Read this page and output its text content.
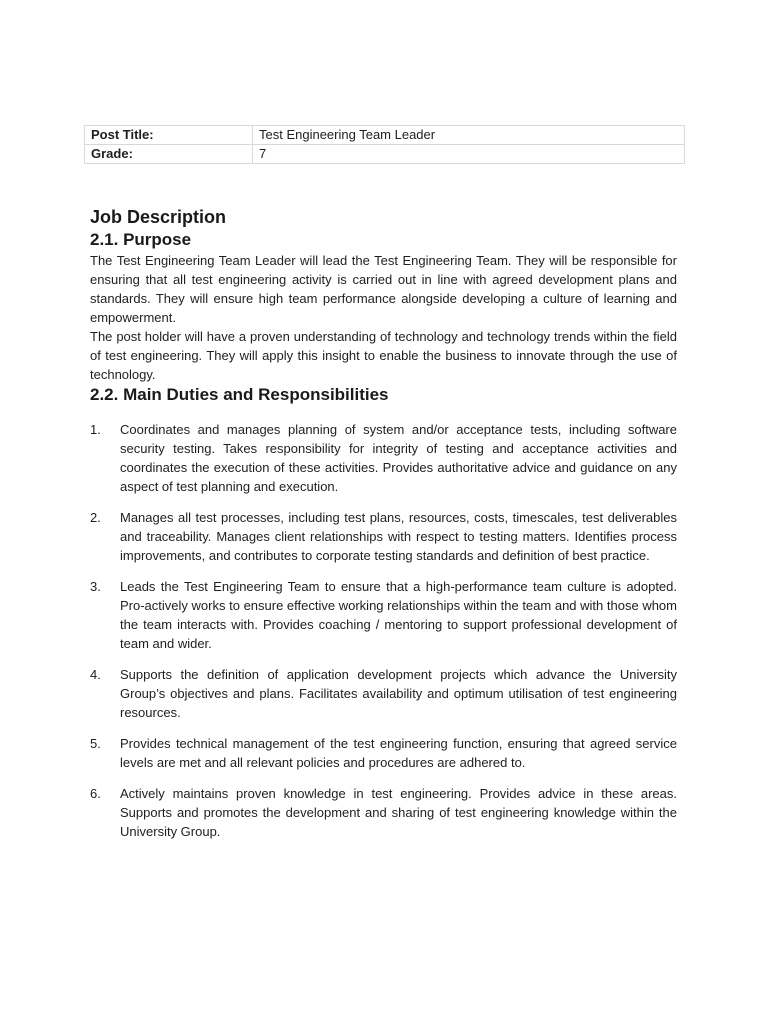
Post Title:	Test Engineering Team Leader
Grade:	7
Job Description
2.1. Purpose

The Test Engineering Team Leader will lead the Test Engineering Team. They will be responsible for ensuring that all test engineering activity is carried out in line with agreed development plans and standards. They will ensure high team performance alongside developing a culture of learning and empowerment.

The post holder will have a proven understanding of technology and technology trends within the field of test engineering. They will apply this insight to enable the business to innovate through the use of technology.

2.2. Main Duties and Responsibilities
1.	Coordinates and manages planning of system and/or acceptance tests, including software security testing. Takes responsibility for integrity of testing and acceptance activities and coordinates the execution of these activities. Provides authoritative advice and guidance on any aspect of test planning and execution.
2.	Manages all test processes, including test plans, resources, costs, timescales, test deliverables and traceability. Manages client relationships with respect to testing matters. Identifies process improvements, and contributes to corporate testing standards and definition of best practice.
3.	Leads the Test Engineering Team to ensure that a high-performance team culture is adopted. Pro-actively works to ensure effective working relationships within the team and with those whom the team interacts with. Provides coaching / mentoring to support professional development of team and wider.
4.	Supports the definition of application development projects which advance the University Group’s objectives and plans. Facilitates availability and optimum utilisation of test engineering resources.
5.	Provides technical management of the test engineering function, ensuring that agreed service levels are met and all relevant policies and procedures are adhered to.
6.	Actively maintains proven knowledge in test engineering. Provides advice in these areas. Supports and promotes the development and sharing of test engineering knowledge within the University Group.
